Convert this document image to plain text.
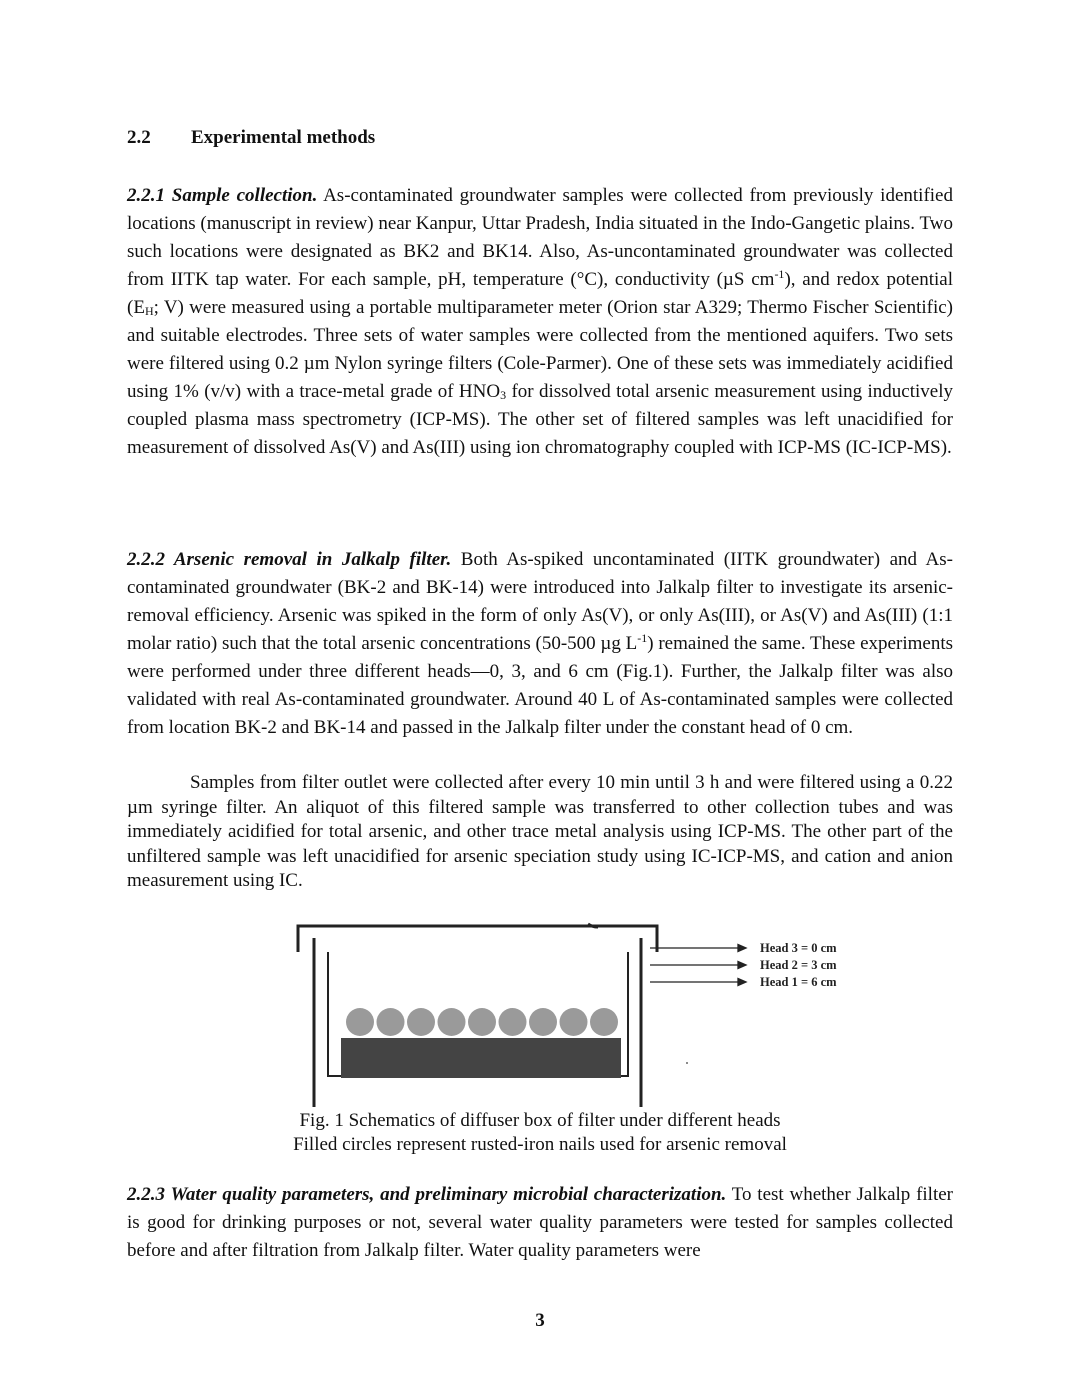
2.2 Experimental methods

2.2.1 Sample collection. As-contaminated groundwater samples were collected from previously identified locations (manuscript in review) near Kanpur, Uttar Pradesh, India situated in the Indo-Gangetic plains. Two such locations were designated as BK2 and BK14. Also, As-uncontaminated groundwater was collected from IITK tap water. For each sample, pH, temperature (°C), conductivity (µS $cm^{-1}$), and redox potential ($E_H$; V) were measured using a portable multiparameter meter (Orion star A329; Thermo Fischer Scientific) and suitable electrodes. Three sets of water samples were collected from the mentioned aquifers. Two sets were filtered using 0.2 µm Nylon syringe filters (Cole-Parmer). One of these sets was immediately acidified using 1% (v/v) with a trace-metal grade of $HNO_3$ for dissolved total arsenic measurement using inductively coupled plasma mass spectrometry (ICP-MS). The other set of filtered samples was left unacidified for measurement of dissolved As(V) and As(III) using ion chromatography coupled with ICP-MS (IC-ICP-MS).

2.2.2 Arsenic removal in Jalkalp filter. Both As-spiked uncontaminated (IITK groundwater) and As-contaminated groundwater (BK-2 and BK-14) were introduced into Jalkalp filter to investigate its arsenic-removal efficiency. Arsenic was spiked in the form of only As(V), or only As(III), or As(V) and As(III) (1:1 molar ratio) such that the total arsenic concentrations (50-500 µg $L^{-1}$) remained the same. These experiments were performed under three different heads—0, 3, and 6 cm (Fig.1). Further, the Jalkalp filter was also validated with real As-contaminated groundwater. Around 40 L of As-contaminated samples were collected from location BK-2 and BK-14 and passed in the Jalkalp filter under the constant head of 0 cm.

Samples from filter outlet were collected after every 10 min until 3 h and were filtered using a 0.22 µm syringe filter. An aliquot of this filtered sample was transferred to other collection tubes and was immediately acidified for total arsenic, and other trace metal analysis using ICP-MS. The other part of the unfiltered sample was left unacidified for arsenic speciation study using IC-ICP-MS, and cation and anion measurement using IC.

Head 3 = 0 cm
Head 2 = 3 cm
Head 1 = 6 cm
Fig. 1 Schematics of diffuser box of filter under different heads
Filled circles represent rusted-iron nails used for arsenic removal

2.2.3 Water quality parameters, and preliminary microbial characterization. To test whether Jalkalp filter is good for drinking purposes or not, several water quality parameters were tested for samples collected before and after filtration from Jalkalp filter. Water quality parameters were

3
